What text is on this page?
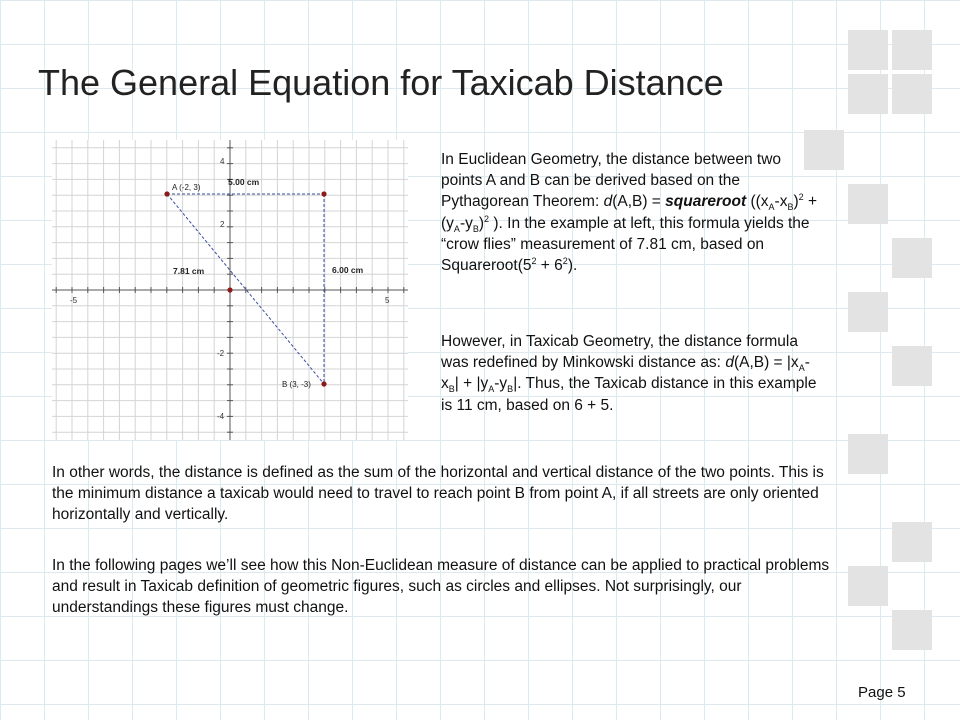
The General Equation for Taxicab Distance
-5	5
4
2
-2
-4
A (-2, 3)
B (3, -3)
5.00 cm
6.00 cm
7.81 cm

In Euclidean Geometry, the distance between two points A and B can be derived based on the Pythagorean Theorem: d(A,B) = squareroot ($(x_A-x_B)^2 + (y_A-y_B)^2$ ). In the example at left, this formula yields the “crow flies” measurement of 7.81 cm, based on $Squareroot(5^2 + 6^2)$.

However, in Taxicab Geometry, the distance formula was redefined by Minkowski distance as: $d(A,B) = |x_A-x_B| + |y_A-y_B|$. Thus, the Taxicab distance in this example is 11 cm, based on 6 + 5.

In other words, the distance is defined as the sum of the horizontal and vertical distance of the two points. This is the minimum distance a taxicab would need to travel to reach point B from point A, if all streets are only oriented horizontally and vertically.

In the following pages we’ll see how this Non-Euclidean measure of distance can be applied to practical problems and result in Taxicab definition of geometric figures, such as circles and ellipses. Not surprisingly, our understandings these figures must change.

Page 5
